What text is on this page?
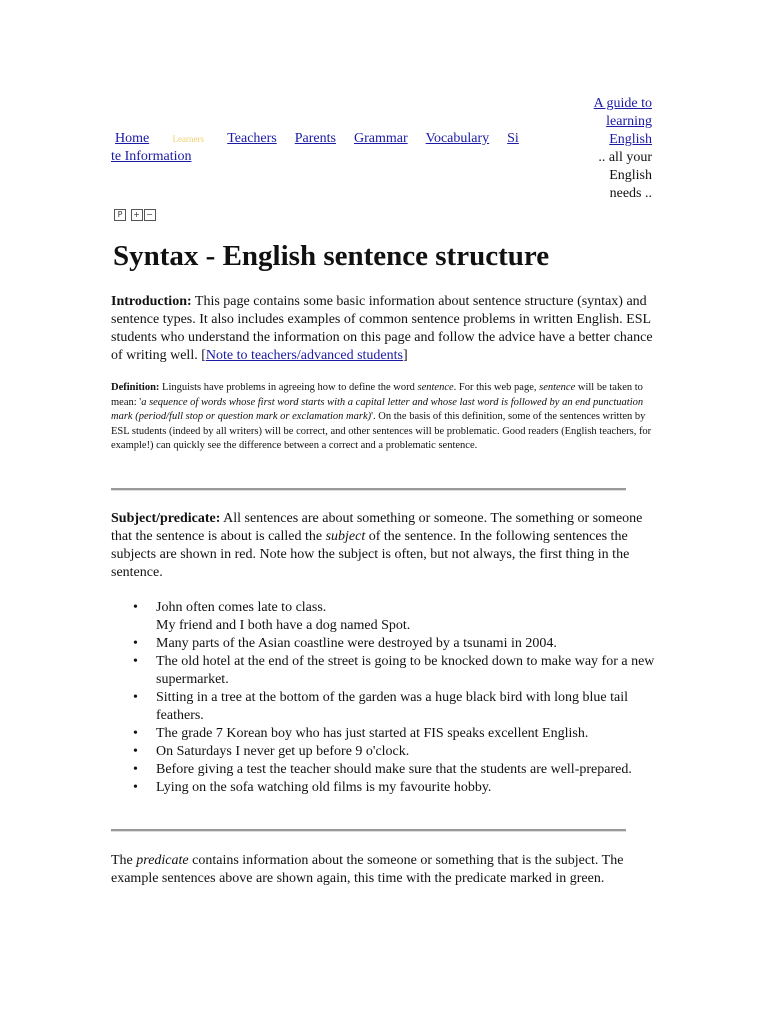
Home	Learners Teachers Parents Grammar Vocabulary Si
te Information
A guide to
learning
English
.. all your
English
needs ..
P + −
Syntax - English sentence structure

Introduction: This page contains some basic information about sentence structure (syntax) and sentence types. It also includes examples of common sentence problems in written English. ESL students who understand the information on this page and follow the advice have a better chance of writing well. [Note to teachers/advanced students]

Definition: Linguists have problems in agreeing how to define the word sentence. For this web page, sentence will be taken to mean: 'a sequence of words whose first word starts with a capital letter and whose last word is followed by an end punctuation mark (period/full stop or question mark or exclamation mark)'. On the basis of this definition, some of the sentences written by ESL students (indeed by all writers) will be correct, and other sentences will be problematic. Good readers (English teachers, for example!) can quickly see the difference between a correct and a problematic sentence.

Subject/predicate: All sentences are about something or someone. The something or someone that the sentence is about is called the subject of the sentence. In the following sentences the subjects are shown in red. Note how the subject is often, but not always, the first thing in the sentence.

• John often comes late to class.
My friend and I both have a dog named Spot.
• Many parts of the Asian coastline were destroyed by a tsunami in 2004.
• The old hotel at the end of the street is going to be knocked down to make way for a new supermarket.
• Sitting in a tree at the bottom of the garden was a huge black bird with long blue tail feathers.
• The grade 7 Korean boy who has just started at FIS speaks excellent English.
• On Saturdays I never get up before 9 o'clock.
• Before giving a test the teacher should make sure that the students are well-prepared.
• Lying on the sofa watching old films is my favourite hobby.

The predicate contains information about the someone or something that is the subject. The example sentences above are shown again, this time with the predicate marked in green.
